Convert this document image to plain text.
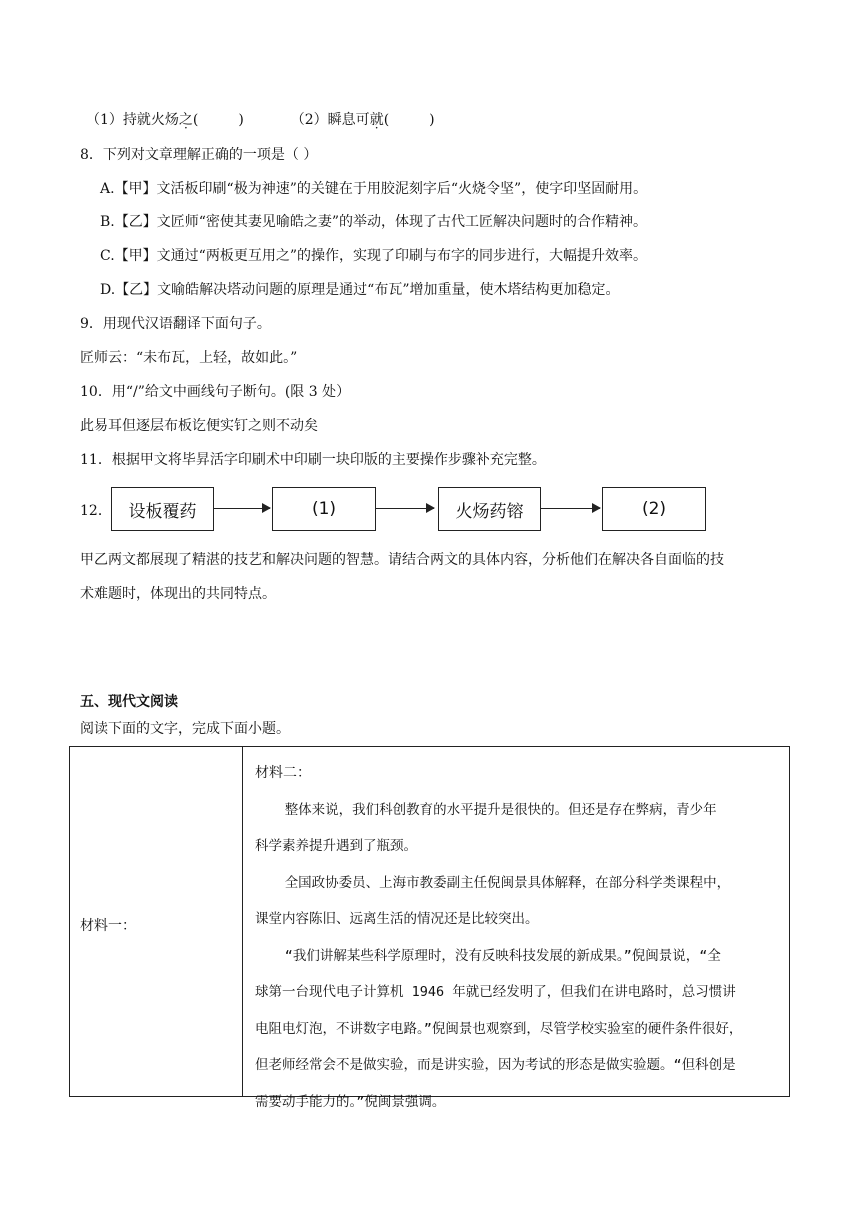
（1）持就火炀之(	)	（2）瞬息可就(	)
8．下列对文章理解正确的一项是（ ）
A.【甲】文活板印刷“极为神速”的关键在于用胶泥刻字后“火烧令坚”，使字印坚固耐用。
B.【乙】文匠师“密使其妻见喻皓之妻”的举动，体现了古代工匠解决问题时的合作精神。
C.【甲】文通过“两板更互用之”的操作，实现了印刷与布字的同步进行，大幅提升效率。
D.【乙】文喻皓解决塔动问题的原理是通过“布瓦”增加重量，使木塔结构更加稳定。
9．用现代汉语翻译下面句子。
匠师云：“未布瓦，上轻，故如此。”
10．用“/”给文中画线句子断句。(限 3 处）
此易耳但逐层布板讫便实钉之则不动矣
11．根据甲文将毕昇活字印刷术中印刷一块印版的主要操作步骤补充完整。
12． 设板覆药	(1)	火炀药镕	(2)
甲乙两文都展现了精湛的技艺和解决问题的智慧。请结合两文的具体内容，分析他们在解决各自面临的技
术难题时，体现出的共同特点。
五、现代文阅读
阅读下面的文字，完成下面小题。
材料一：

材料二：

整体来说，我们科创教育的水平提升是很快的。但还是存在弊病，青少年

科学素养提升遇到了瓶颈。

全国政协委员、上海市教委副主任倪闽景具体解释，在部分科学类课程中，

课堂内容陈旧、远离生活的情况还是比较突出。

“我们讲解某些科学原理时，没有反映科技发展的新成果。”倪闽景说，“全

球第一台现代电子计算机 1946 年就已经发明了，但我们在讲电路时，总习惯讲

电阻电灯泡，不讲数字电路。”倪闽景也观察到，尽管学校实验室的硬件条件很好，

但老师经常会不是做实验，而是讲实验，因为考试的形态是做实验题。“但科创是

需要动手能力的。”倪闽景强调。
